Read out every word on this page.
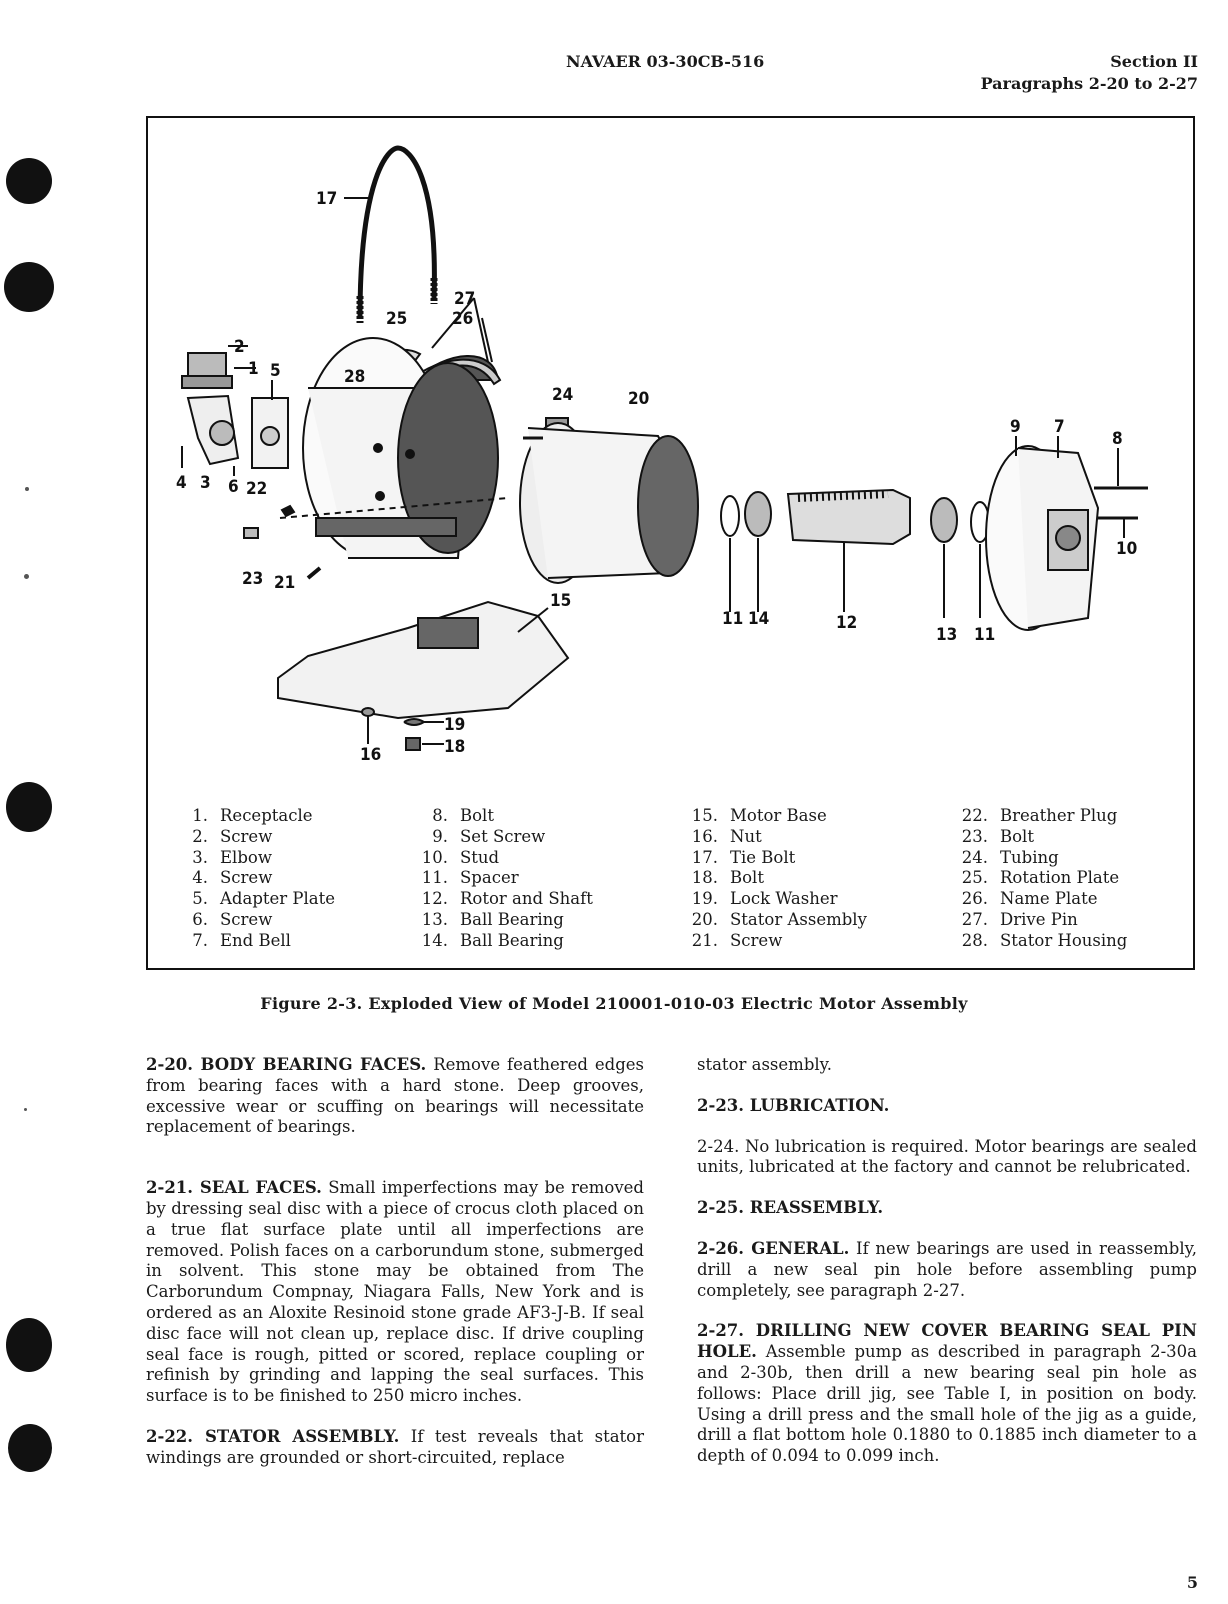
NAVAER 03-30CB-516	Section II
Paragraphs 2-20 to 2-27
17
25
27
26
1
2
5	28
24	20
9 7
8
4 3 6 22
10
23 21
15
11 14	12
13 11
16
19
18
1. Receptacle
2. Screw
3. Elbow
4. Screw
5. Adapter Plate
6. Screw
7. End Bell
8. Bolt
9. Set Screw
10. Stud
11. Spacer
12. Rotor and Shaft
13. Ball Bearing
14. Ball Bearing
15. Motor Base
16. Nut
17. Tie Bolt
18. Bolt
19. Lock Washer
20. Stator Assembly
21. Screw
22. Breather Plug
23. Bolt
24. Tubing
25. Rotation Plate
26. Name Plate
27. Drive Pin
28. Stator Housing
Figure 2-3. Exploded View of Model 210001-010-03 Electric Motor Assembly

2-20. BODY BEARING FACES. Remove feathered edges from bearing faces with a hard stone. Deep grooves, excessive wear or scuffing on bearings will necessitate replacement of bearings.

2-21. SEAL FACES. Small imperfections may be removed by dressing seal disc with a piece of crocus cloth placed on a true flat surface plate until all imperfections are removed. Polish faces on a carborundum stone, submerged in solvent. This stone may be obtained from The Carborundum Compnay, Niagara Falls, New York and is ordered as an Aloxite Resinoid stone grade AF3-J-B. If seal disc face will not clean up, replace disc. If drive coupling seal face is rough, pitted or scored, replace coupling or refinish by grinding and lapping the seal surfaces. This surface is to be finished to 250 micro inches.

2-22. STATOR ASSEMBLY. If test reveals that stator windings are grounded or short-circuited, replace

stator assembly.

2-23. LUBRICATION.

2-24. No lubrication is required. Motor bearings are sealed units, lubricated at the factory and cannot be relubricated.

2-25. REASSEMBLY.

2-26. GENERAL. If new bearings are used in reassembly, drill a new seal pin hole before assembling pump completely, see paragraph 2-27.

2-27. DRILLING NEW COVER BEARING SEAL PIN HOLE. Assemble pump as described in paragraph 2-30a and 2-30b, then drill a new bearing seal pin hole as follows: Place drill jig, see Table I, in position on body. Using a drill press and the small hole of the jig as a guide, drill a flat bottom hole 0.1880 to 0.1885 inch diameter to a depth of 0.094 to 0.099 inch.

5
